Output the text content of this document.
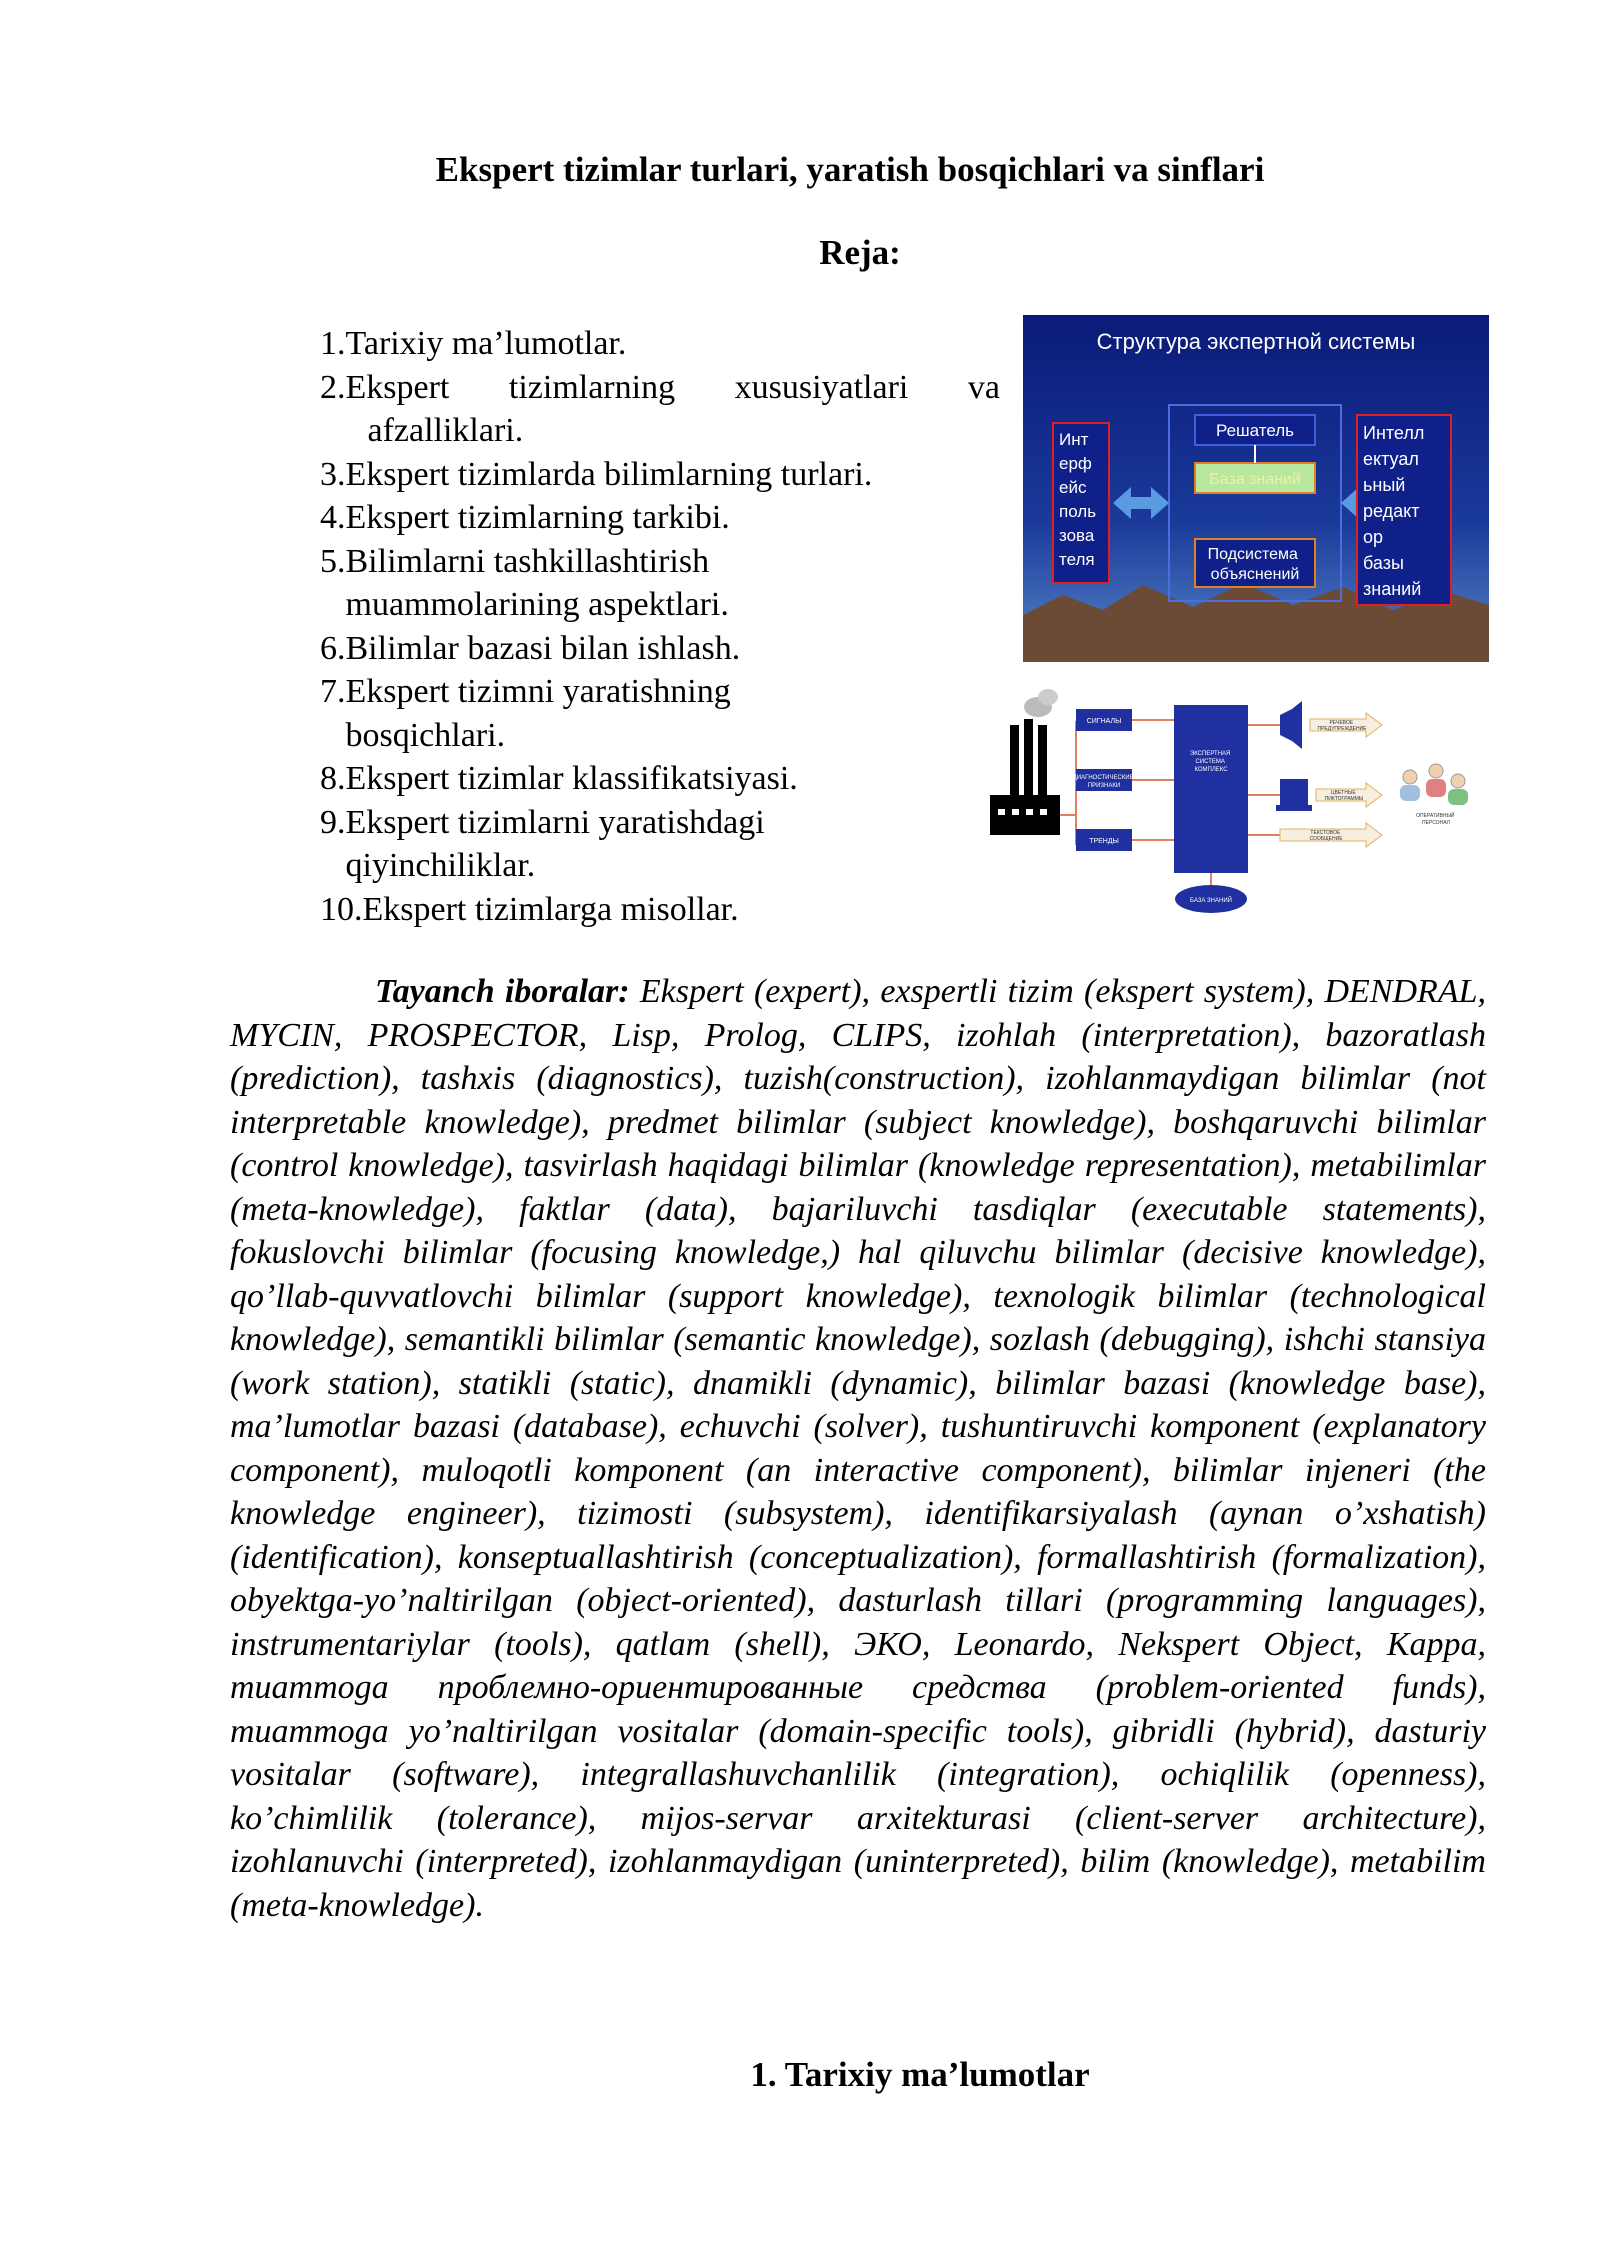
Ekspert tizimlar turlari, yaratish bosqichlari va sinflari
Reja:
1. Tarixiy ma’lumotlar.
2. Ekspert tizimlarning xususiyatlari va
afzalliklari.
3. Ekspert tizimlarda bilimlarning turlari.
4. Ekspert tizimlarning tarkibi.
5. Bilimlarni tashkillashtirish muammolarining aspektlari.
6. Bilimlar bazasi bilan ishlash.
7. Ekspert tizimni yaratishning bosqichlari.
8. Ekspert tizimlar klassifikatsiyasi.
9. Ekspert tizimlarni yaratishdagi qiyinchiliklar.
10. Ekspert tizimlarga misollar.
Структура экспертной системы
Инт ерф ейс поль зова теля
Решатель
База знаний
Подсистема объяснений
Интелл ектуал ьный редакт ор базы знаний
СИГНАЛЫ
ДИАГНОСТИЧЕСКИЕ ПРИЗНАКИ
ТРЕНДЫ
ЭКСПЕРТНАЯ СИСТЕМА КОМПЛЕКС
БАЗА ЗНАНИЙ
РЕЧЕВОЕ ПРЕДУПРЕЖДЕНИЕ
ЦВЕТНЫЕ ПИКТОГРАММЫ
ТЕКСТОВОЕ СООБЩЕНИЕ
ОПЕРАТИВНЫЙ ПЕРСОНАЛ

Tayanch iboralar: Ekspert (expert), exspertli tizim (ekspert system), DENDRAL, MYCIN, PROSPECTOR, Lisp, Prolog, CLIPS, izohlah (interpretation), bazoratlash (prediction), tashxis (diagnostics), tuzish(construction), izohlanmaydigan bilimlar (not interpretable knowledge), predmet bilimlar (subject knowledge), boshqaruvchi bilimlar (control knowledge), tasvirlash haqidagi bilimlar (knowledge representation), metabilimlar (meta-knowledge), faktlar (data), bajariluvchi tasdiqlar (executable statements), fokuslovchi bilimlar (focusing knowledge,) hal qiluvchu bilimlar (decisive knowledge), qo’llab-quvvatlovchi bilimlar (support knowledge), texnologik bilimlar (technological knowledge), semantikli bilimlar (semantic knowledge), sozlash (debugging), ishchi stansiya (work station), statikli (static), dnamikli (dynamic), bilimlar bazasi (knowledge base), ma’lumotlar bazasi (database), echuvchi (solver), tushuntiruvchi komponent (explanatory component), muloqotli komponent (an interactive component), bilimlar injeneri (the knowledge engineer), tizimosti (subsystem), identifikarsiyalash (aynan o’xshatish) (identification), konseptuallashtirish (conceptualization), formallashtirish (formalization), obyektga-yo’naltirilgan (object-oriented), dasturlash tillari (programming languages), instrumentariylar (tools), qatlam (shell), ЭКО, Leonardo, Nekspert Object, Kappa, muammoga проблемно-ориентированные средства (problem-oriented funds), muammoga yo’naltirilgan vositalar (domain-specific tools), gibridli (hybrid), dasturiy vositalar (software), integrallashuvchanlilik (integration), ochiqlilik (openness), ko’chimlilik (tolerance), mijos-servar arxitekturasi (client-server architecture), izohlanuvchi (interpreted), izohlanmaydigan (uninterpreted), bilim (knowledge), metabilim (meta-knowledge).

1. Tarixiy ma’lumotlar
